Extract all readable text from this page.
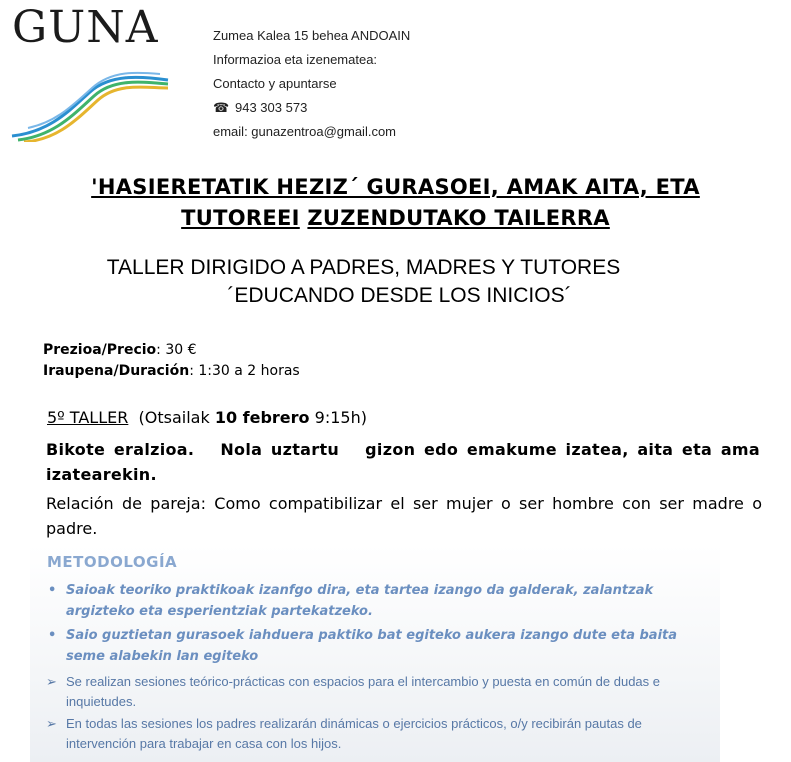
GUNA	Zumea Kalea 15 behea ANDOAIN
Informazioa eta izenematea:
Contacto y apuntarse
☎ 943 303 573
email: gunazentroa@gmail.com
'HASIERETATIK HEZIZ´ GURASOEI, AMAK AITA, ETA
TUTOREEI ZUZENDUTAKO TAILERRA
TALLER DIRIGIDO A PADRES, MADRES Y TUTORES
´EDUCANDO DESDE LOS INICIOS´
Prezioa/Precio: 30 €
Iraupena/Duración: 1:30 a 2 horas
5º TALLER  (Otsailak 10 febrero 9:15h)
Bikote eralzioa.   Nola uztartu   gizon edo emakume izatea, aita eta ama izatearekin.
Relación de pareja: Como compatibilizar el ser mujer o ser hombre con ser madre o padre.
METODOLOGÍA
• Saioak teoriko praktikoak izanfgo dira, eta tartea izango da galderak, zalantzak argizteko eta esperientziak partekatzeko.
• Saio guztietan gurasoek iahduera paktiko bat egiteko aukera izango dute eta baita seme alabekin lan egiteko
➢ Se realizan sesiones teórico-prácticas con espacios para el intercambio y puesta en común de dudas e inquietudes.
➢ En todas las sesiones los padres realizarán dinámicas o ejercicios prácticos, o/y recibirán pautas de intervención para trabajar en casa con los hijos.
